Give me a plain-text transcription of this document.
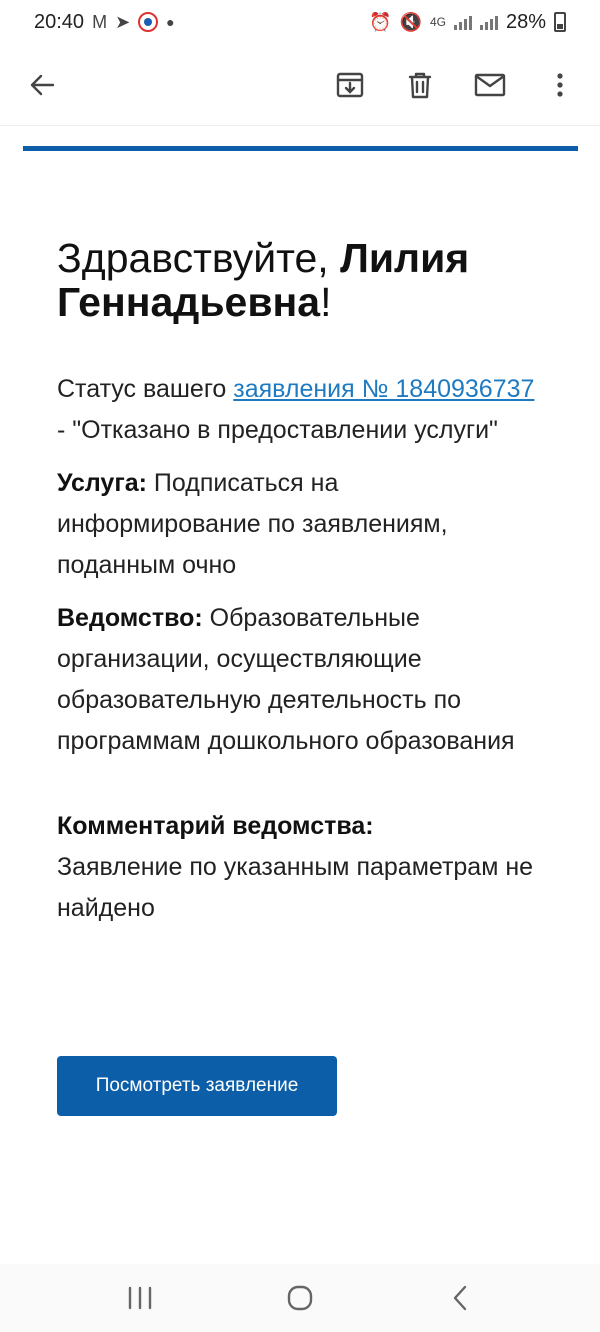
20:40 M ➤	●	⏰ 🔇 4G	28%
Здравствуйте, Лилия Геннадьевна!

Статус вашего заявления № 1840936737 - "Отказано в предоставлении услуги"

Услуга: Подписаться на информирование по заявлениям, поданным очно

Ведомство: Образовательные организации, осуществляющие образовательную деятельность по программам дошкольного образования

Комментарий ведомства:
Заявление по указанным параметрам не найдено

Посмотреть заявление
